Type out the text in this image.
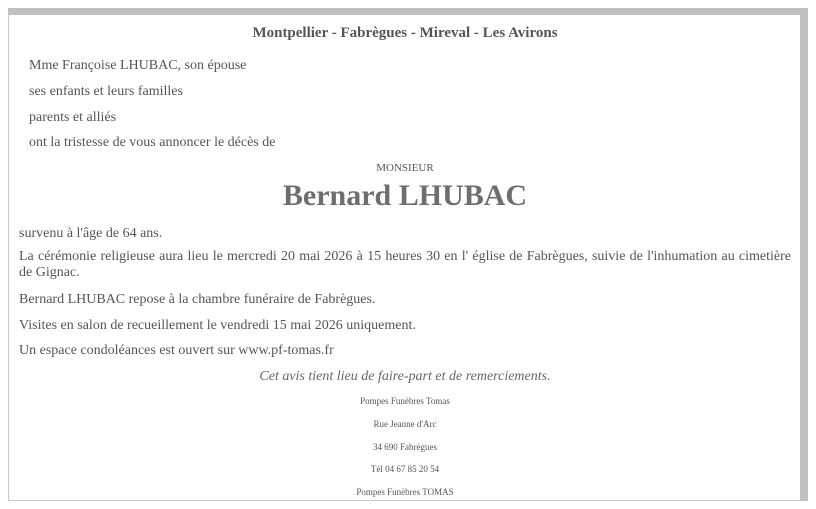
Montpellier - Fabrègues - Mireval - Les Avirons
Mme Françoise LHUBAC, son épouse
ses enfants et leurs familles
parents et alliés
ont la tristesse de vous annoncer le décès de
MONSIEUR
Bernard LHUBAC
survenu à l'âge de 64 ans.
La cérémonie religieuse aura lieu le mercredi 20 mai 2026 à 15 heures 30 en l' église de Fabrègues, suivie de l'inhumation au cimetière de Gignac.
Bernard LHUBAC repose à la chambre funéraire de Fabrègues.
Visites en salon de recueillement le vendredi 15 mai 2026 uniquement.
Un espace condoléances est ouvert sur www.pf-tomas.fr
Cet avis tient lieu de faire-part et de remerciements.
Pompes Funèbres Tomas
Rue Jeanne d'Arc
34 690 Fabrègues
Tél 04 67 85 20 54
Pompes Funèbres TOMAS
